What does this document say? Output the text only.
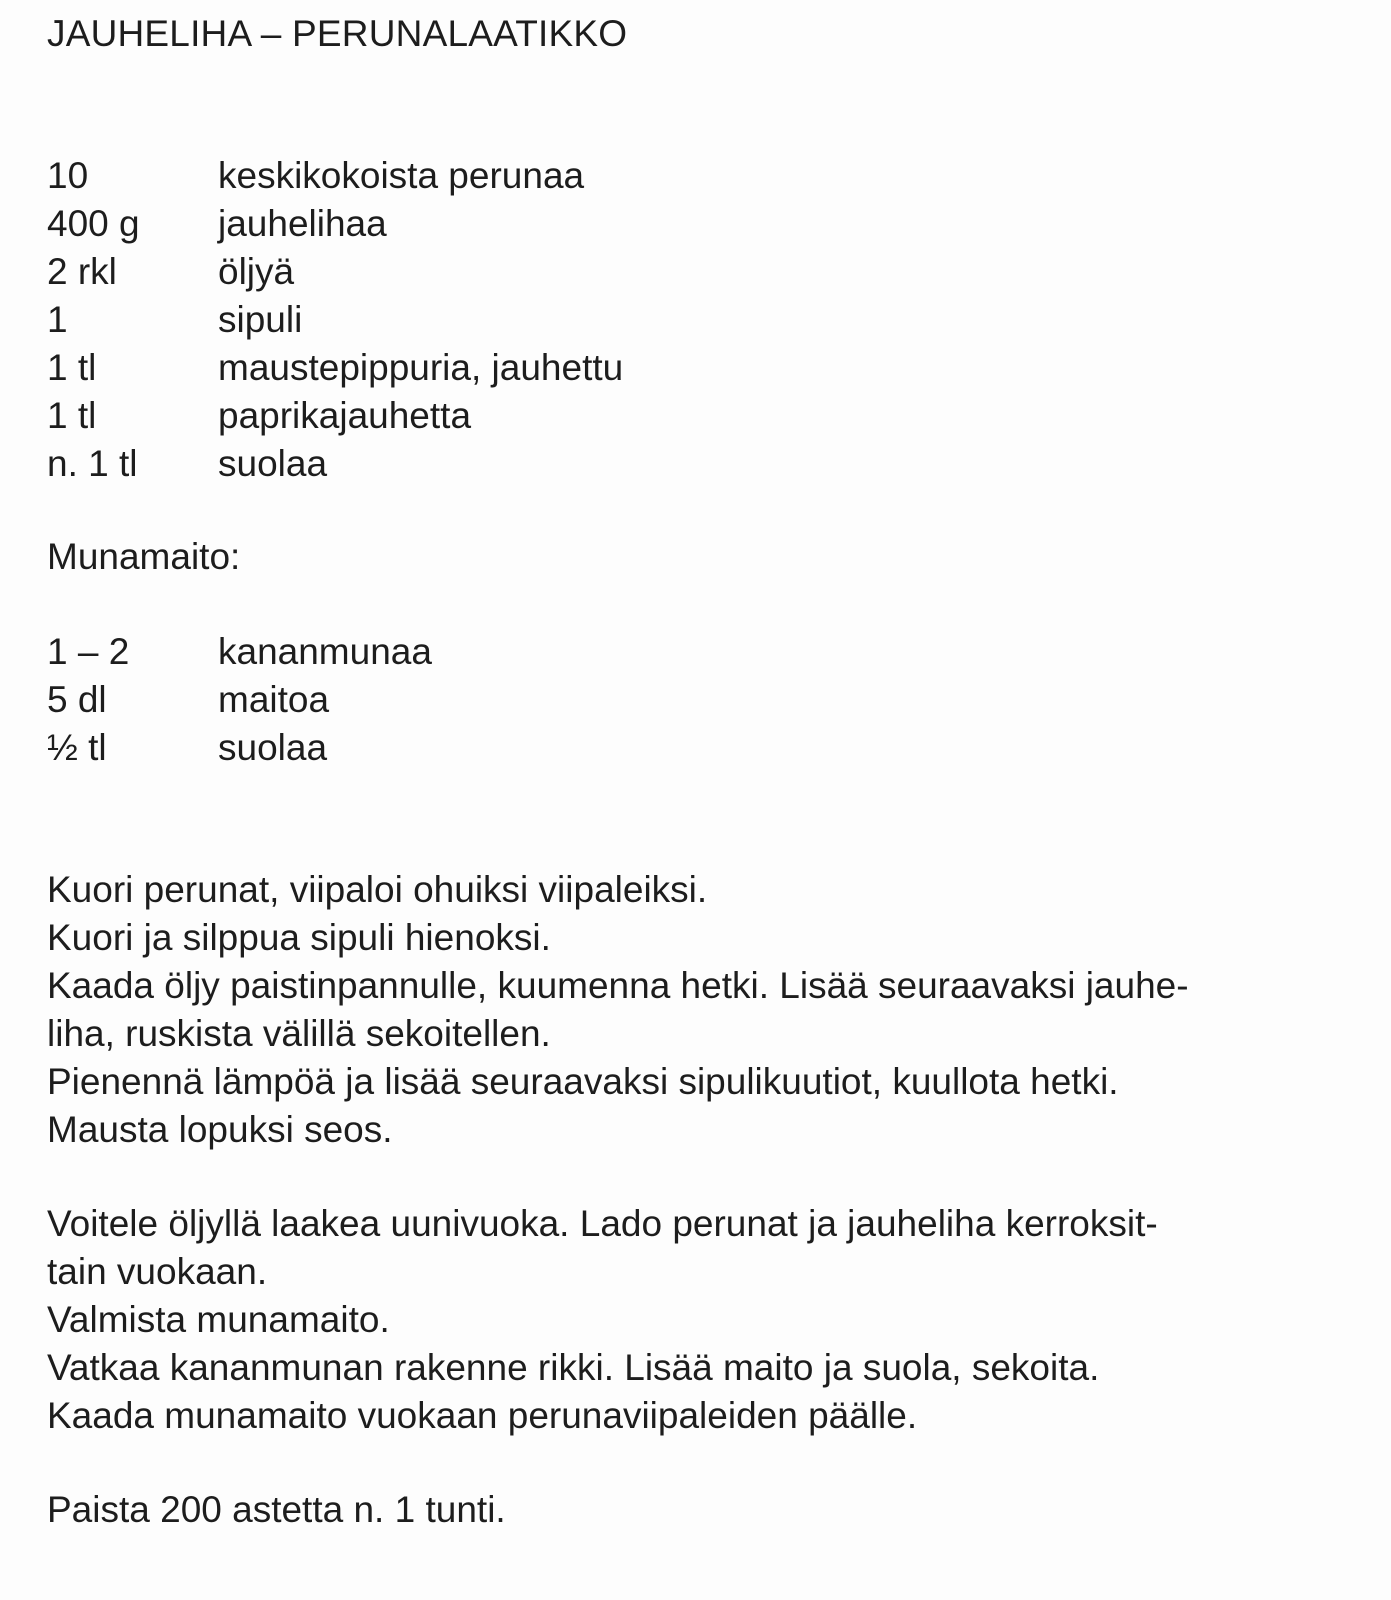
JAUHELIHA – PERUNALAATIKKO
10	keskikokoista perunaa
400 g	jauhelihaa
2 rkl	öljyä
1	sipuli
1 tl	maustepippuria, jauhettu
1 tl	paprikajauhetta
n. 1 tl	suolaa
Munamaito:
1 – 2	kananmunaa
5 dl	maitoa
½ tl	suolaa
Kuori perunat, viipaloi ohuiksi viipaleiksi.
Kuori ja silppua sipuli hienoksi.
Kaada öljy paistinpannulle, kuumenna hetki. Lisää seuraavaksi jauhe-
liha, ruskista välillä sekoitellen.
Pienennä lämpöä ja lisää seuraavaksi sipulikuutiot, kuullota hetki.
Mausta lopuksi seos.
Voitele öljyllä laakea uunivuoka. Lado perunat ja jauheliha kerroksit-
tain vuokaan.
Valmista munamaito.
Vatkaa kananmunan rakenne rikki. Lisää maito ja suola, sekoita.
Kaada munamaito vuokaan perunaviipaleiden päälle.
Paista 200 astetta n. 1 tunti.
